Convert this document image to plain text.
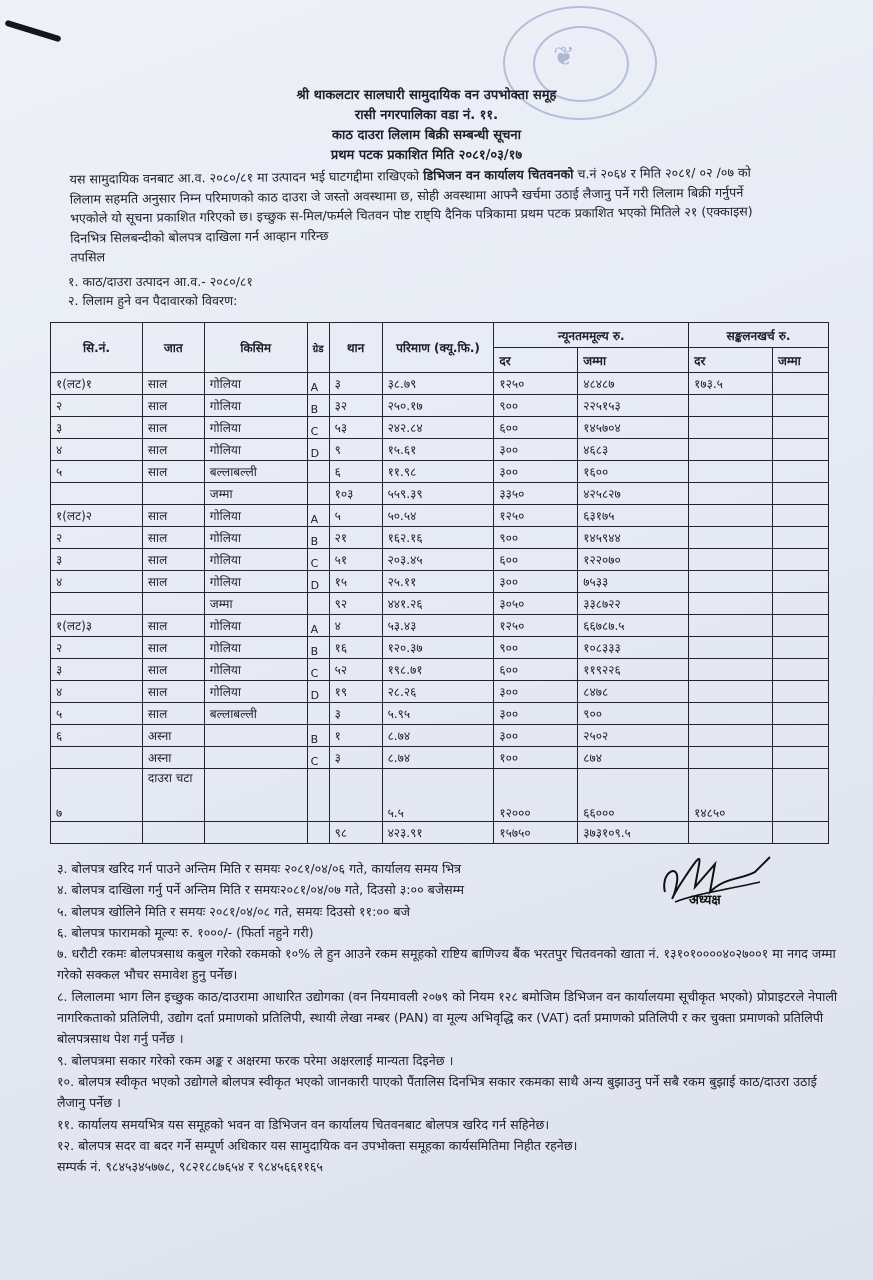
❦
श्री थाकलटार सालघारी सामुदायिक वन उपभोक्ता समूह
रासी नगरपालिका वडा नं. ११.
काठ दाउरा लिलाम बिक्री सम्बन्धी सूचना
प्रथम पटक प्रकाशित मिति २०८१/०३/१७
यस सामुदायिक वनबाट आ.व. २०८०/८१ मा उत्पादन भई घाटगद्दीमा राखिएको डिभिजन वन कार्यालय चितवनको च.नं २०६४ र मिति २०८१/ ०२ /०७ को लिलाम सहमति अनुसार निम्न परिमाणको काठ दाउरा जे जस्तो अवस्थामा छ, सोही अवस्थामा आफ्नै खर्चमा उठाई लैजानु पर्ने गरी लिलाम बिक्री गर्नुपर्ने भएकोले यो सूचना प्रकाशित गरिएको छ। इच्छुक स-मिल/फर्मले चितवन पोष्ट राष्ट्यि दैनिक पत्रिकामा प्रथम पटक प्रकाशित भएको मितिले २१ (एक्काइस) दिनभित्र सिलबन्दीको बोलपत्र दाखिला गर्न आव्हान गरिन्छ
तपसिल
१. काठ/दाउरा उत्पादन आ.व.- २०८०/८१
२. लिलाम हुने वन पैदावारको विवरण:
सि.नं.	जात	किसिम	ग्रेड	थान	परिमाण (क्यू.फि.)	न्यूनतममूल्य रु.		सङ्कलनखर्च रु.	
						दर	जम्मा	दर	जम्मा
१(लट)१	साल	गोलिया	A	३	३८.७९	१२५०	४८४८७	१७३.५	
२	साल	गोलिया	B	३२	२५०.१७	९००	२२५१५३		
३	साल	गोलिया	C	५३	२४२.८४	६००	१४५७०४		
४	साल	गोलिया	D	९	१५.६१	३००	४६८३		
५	साल	बल्लाबल्ली		६	११.९८	३००	१६००		
		जम्मा		१०३	५५९.३९	३३५०	४२५८२७		
१(लट)२	साल	गोलिया	A	५	५०.५४	१२५०	६३१७५		
२	साल	गोलिया	B	२१	१६२.१६	९००	१४५९४४		
३	साल	गोलिया	C	५१	२०३.४५	६००	१२२०७०		
४	साल	गोलिया	D	१५	२५.११	३००	७५३३		
		जम्मा		९२	४४१.२६	३०५०	३३८७२२		
१(लट)३	साल	गोलिया	A	४	५३.४३	१२५०	६६७८७.५		
२	साल	गोलिया	B	१६	१२०.३७	९००	१०८३३३		
३	साल	गोलिया	C	५२	१९८.७१	६००	११९२२६		
४	साल	गोलिया	D	१९	२८.२६	३००	८४७८		
५	साल	बल्लाबल्ली		३	५.९५	३००	९००		
६	अस्ना		B	१	८.७४	३००	२५०२		
	अस्ना		C	३	८.७४	१००	८७४		
७	दाउरा चटा				५.५	१२०००	६६०००	१४८५०	
				९८	४२३.९१	१५७५०	३७३१०९.५		

३. बोलपत्र खरिद गर्न पाउने अन्तिम मिति र समयः २०८१/०४/०६ गते, कार्यालय समय भित्र

४. बोलपत्र दाखिला गर्नु पर्ने अन्तिम मिति र समयः२०८१/०४/०७ गते, दिउसो ३:०० बजेसम्म

५. बोलपत्र खोलिने मिति र समयः २०८१/०४/०८ गते, समयः दिउसो ११:०० बजे

६. बोलपत्र फारामको मूल्यः रु. १०००/- (फिर्ता नहुने गरी)

७. धरौटी रकमः बोलपत्रसाथ कबुल गरेको रकमको १०% ले हुन आउने रकम समूहको राष्टिय बाणिज्य बैंक भरतपुर चितवनको खाता नं. १३१०१००००४०२७००१ मा नगद जम्मा गरेको सक्कल भौचर समावेश हुनु पर्नेछ।

८. लिलालमा भाग लिन इच्छुक काठ/दाउरामा आधारित उद्योगका (वन नियमावली २०७९ को नियम १२८ बमोजिम डिभिजन वन कार्यालयमा सूचीकृत भएको) प्रोप्राइटरले नेपाली नागरिकताको प्रतिलिपी, उद्योग दर्ता प्रमाणको प्रतिलिपी, स्थायी लेखा नम्बर (PAN) वा मूल्य अभिवृद्धि कर (VAT) दर्ता प्रमाणको प्रतिलिपी र कर चुक्ता प्रमाणको प्रतिलिपी बोलपत्रसाथ पेश गर्नु पर्नेछ ।

९. बोलपत्रमा सकार गरेको रकम अङ्क र अक्षरमा फरक परेमा अक्षरलाई मान्यता दिइनेछ ।

१०. बोलपत्र स्वीकृत भएको उद्योगले बोलपत्र स्वीकृत भएको जानकारी पाएको पैंतालिस दिनभित्र सकार रकमका साथै अन्य बुझाउनु पर्ने सबै रकम बुझाई काठ/दाउरा उठाई लैजानु पर्नेछ ।

११. कार्यालय समयभित्र यस समूहको भवन वा डिभिजन वन कार्यालय चितवनबाट बोलपत्र खरिद गर्न सहिनेछ।

१२. बोलपत्र सदर वा बदर गर्ने सम्पूर्ण अधिकार यस सामुदायिक वन उपभोक्ता समूहका कार्यसमितिमा निहीत रहनेछ।

सम्पर्क नं. ९८४५३४५७७८, ९८२१८८७६५४ र ९८४५६६११६५

अध्यक्ष
